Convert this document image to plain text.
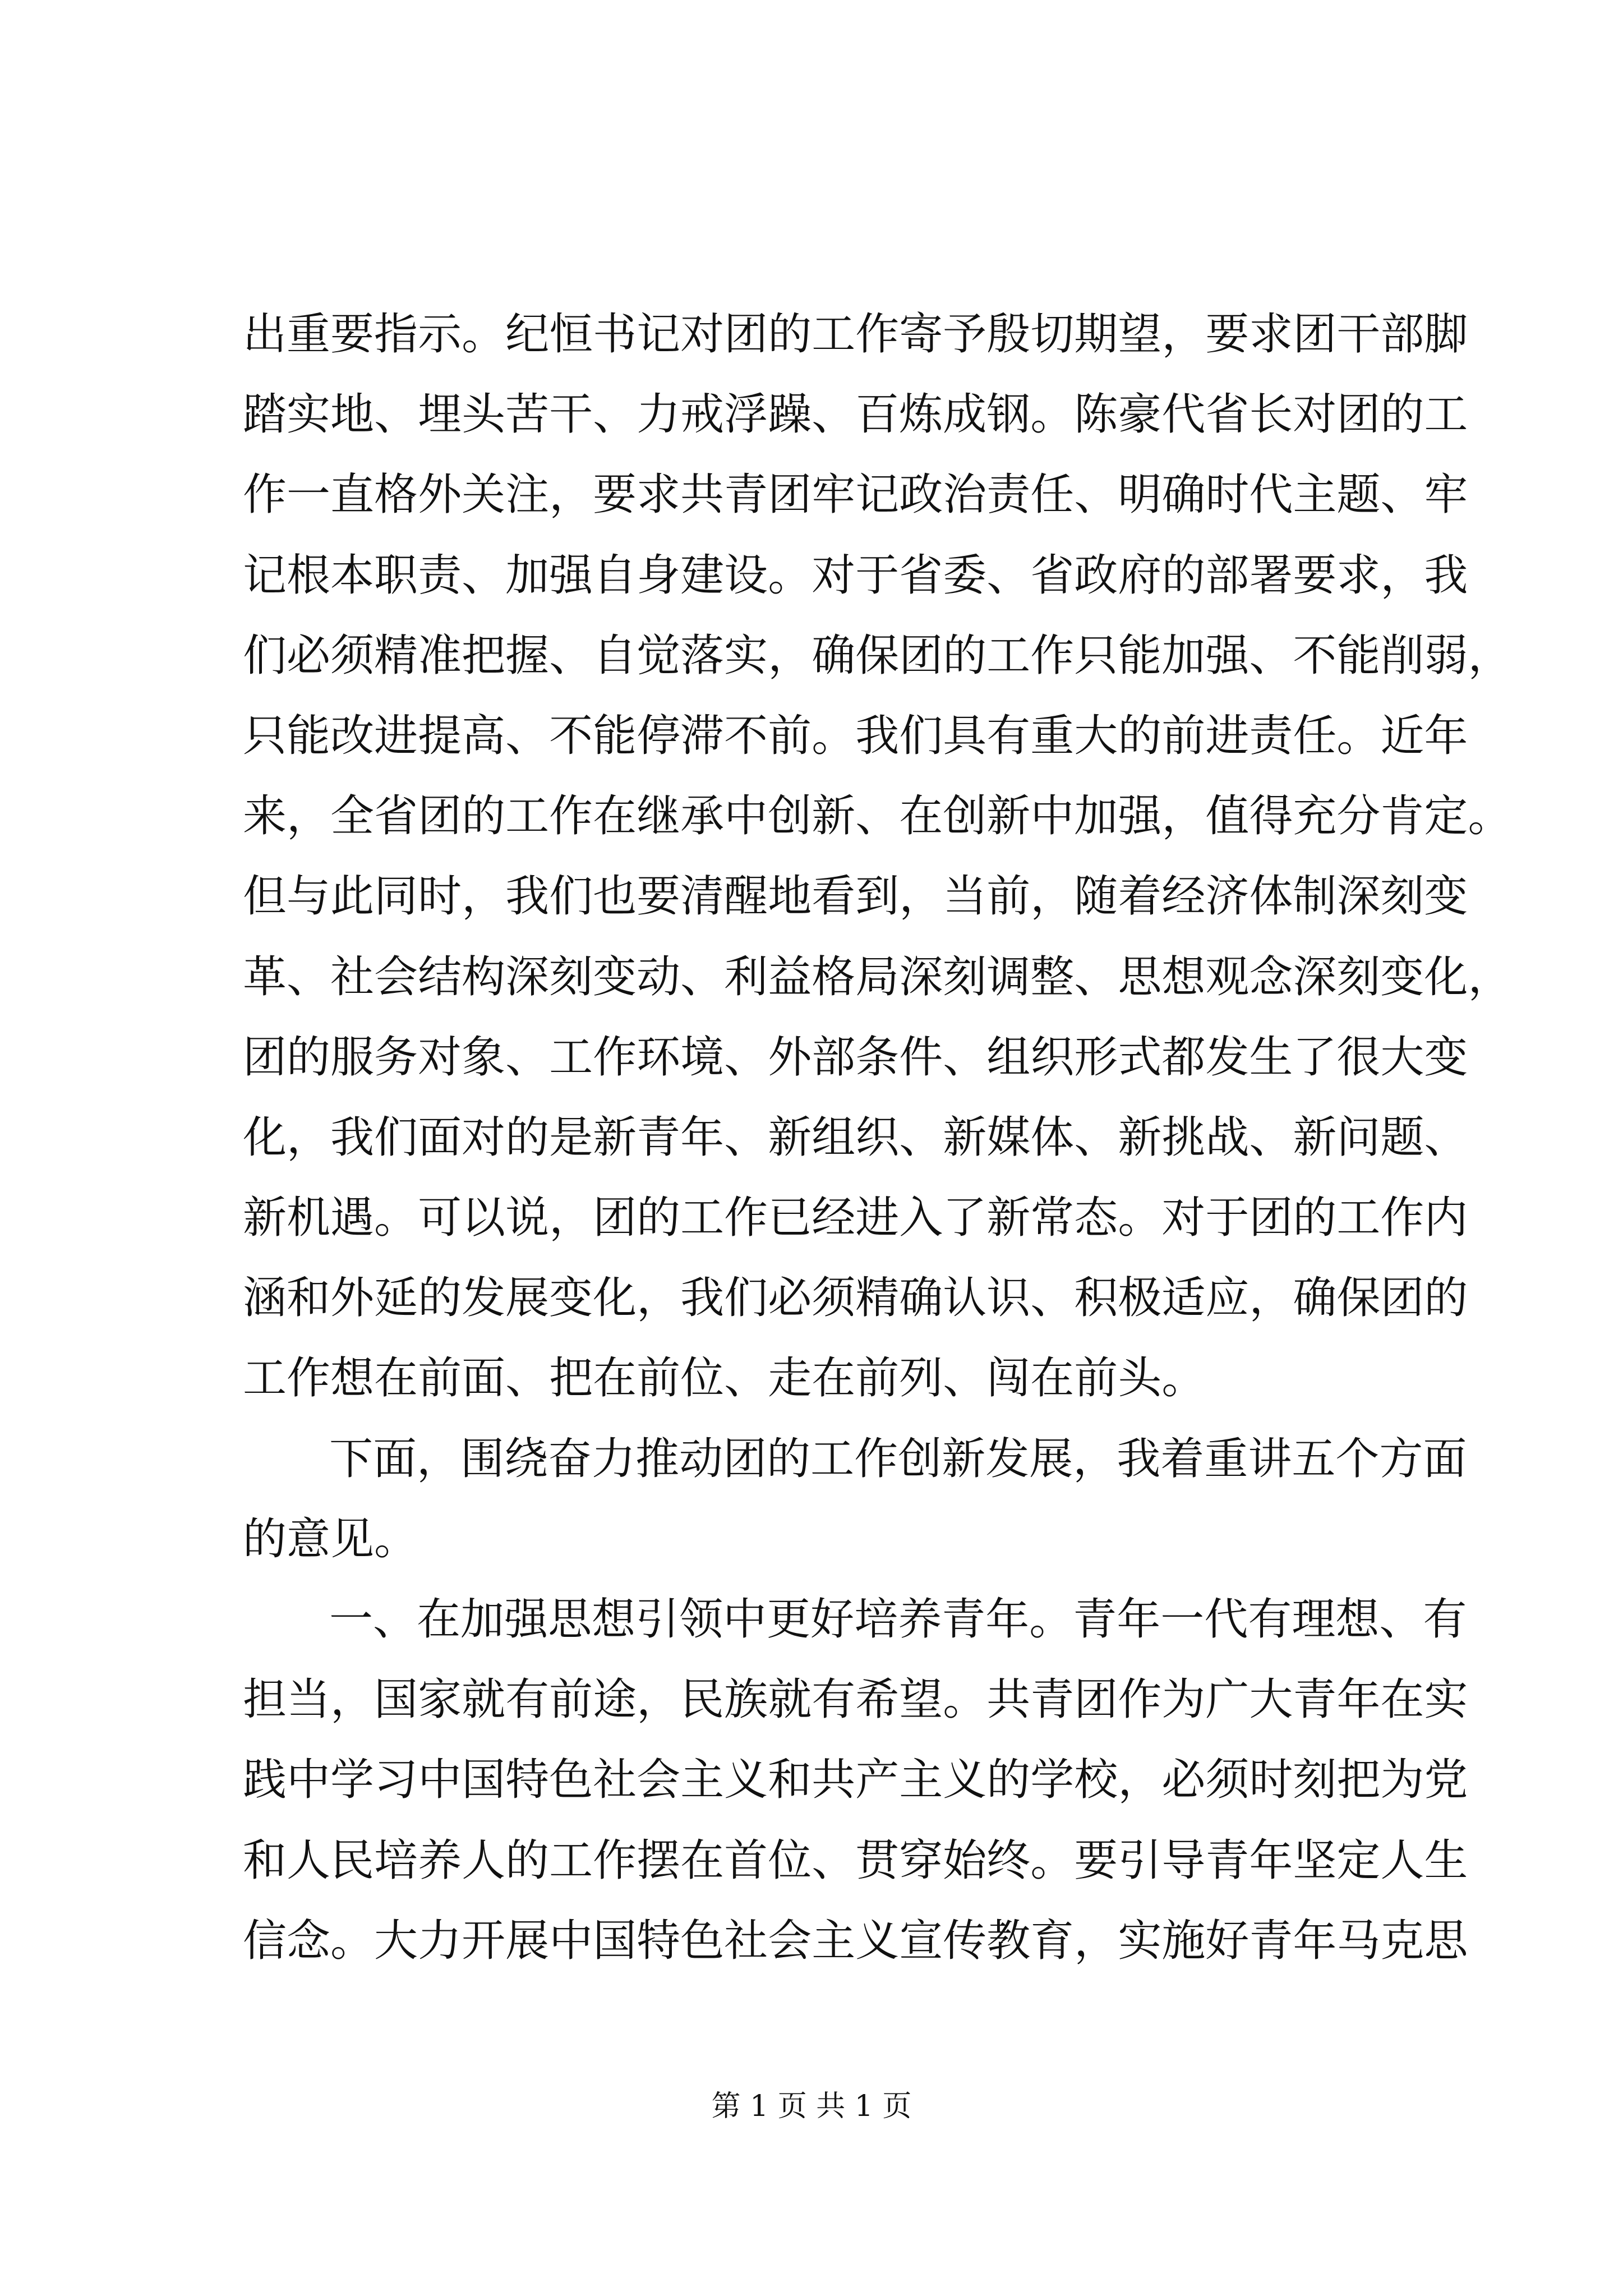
出 重 要 指 示 。 纪 恒 书 记 对 团 的 工 作 寄 予 殷 切 期 望 ， 要 求 团 干 部 脚
踏 实 地 、 埋 头 苦 干 、 力 戒 浮 躁 、 百 炼 成 钢 。 陈 豪 代 省 长 对 团 的 工
作 一 直 格 外 关 注 ， 要 求 共 青 团 牢 记 政 治 责 任 、 明 确 时 代 主 题 、 牢
记 根 本 职 责 、 加 强 自 身 建 设 。 对 于 省 委 、 省 政 府 的 部 署 要 求 ， 我
们 必 须 精 准 把 握 、 自 觉 落 实 ， 确 保 团 的 工 作 只 能 加 强 、 不 能 削 弱 ，
只 能 改 进 提 高 、 不 能 停 滞 不 前 。 我 们 具 有 重 大 的 前 进 责 任 。 近 年
来 ， 全 省 团 的 工 作 在 继 承 中 创 新 、 在 创 新 中 加 强 ， 值 得 充 分 肯 定 。
但 与 此 同 时 ， 我 们 也 要 清 醒 地 看 到 ， 当 前 ， 随 着 经 济 体 制 深 刻 变
革 、 社 会 结 构 深 刻 变 动 、 利 益 格 局 深 刻 调 整 、 思 想 观 念 深 刻 变 化 ，
团 的 服 务 对 象 、 工 作 环 境 、 外 部 条 件 、 组 织 形 式 都 发 生 了 很 大 变
化 ， 我 们 面 对 的 是 新 青 年 、 新 组 织 、 新 媒 体 、 新 挑 战 、 新 问 题 、
新 机 遇 。 可 以 说 ， 团 的 工 作 已 经 进 入 了 新 常 态 。 对 于 团 的 工 作 内
涵 和 外 延 的 发 展 变 化 ， 我 们 必 须 精 确 认 识 、 积 极 适 应 ， 确 保 团 的
工 作 想 在 前 面 、 把 在 前 位 、 走 在 前 列 、 闯 在 前 头 。
下 面 ， 围 绕 奋 力 推 动 团 的 工 作 创 新 发 展 ， 我 着 重 讲 五 个 方 面
的 意 见 。
一 、 在 加 强 思 想 引 领 中 更 好 培 养 青 年 。 青 年 一 代 有 理 想 、 有
担 当 ， 国 家 就 有 前 途 ， 民 族 就 有 希 望 。 共 青 团 作 为 广 大 青 年 在 实
践 中 学 习 中 国 特 色 社 会 主 义 和 共 产 主 义 的 学 校 ， 必 须 时 刻 把 为 党
和 人 民 培 养 人 的 工 作 摆 在 首 位 、 贯 穿 始 终 。 要 引 导 青 年 坚 定 人 生
信 念 。 大 力 开 展 中 国 特 色 社 会 主 义 宣 传 教 育 ， 实 施 好 青 年 马 克 思
第 1 页 共 1 页
